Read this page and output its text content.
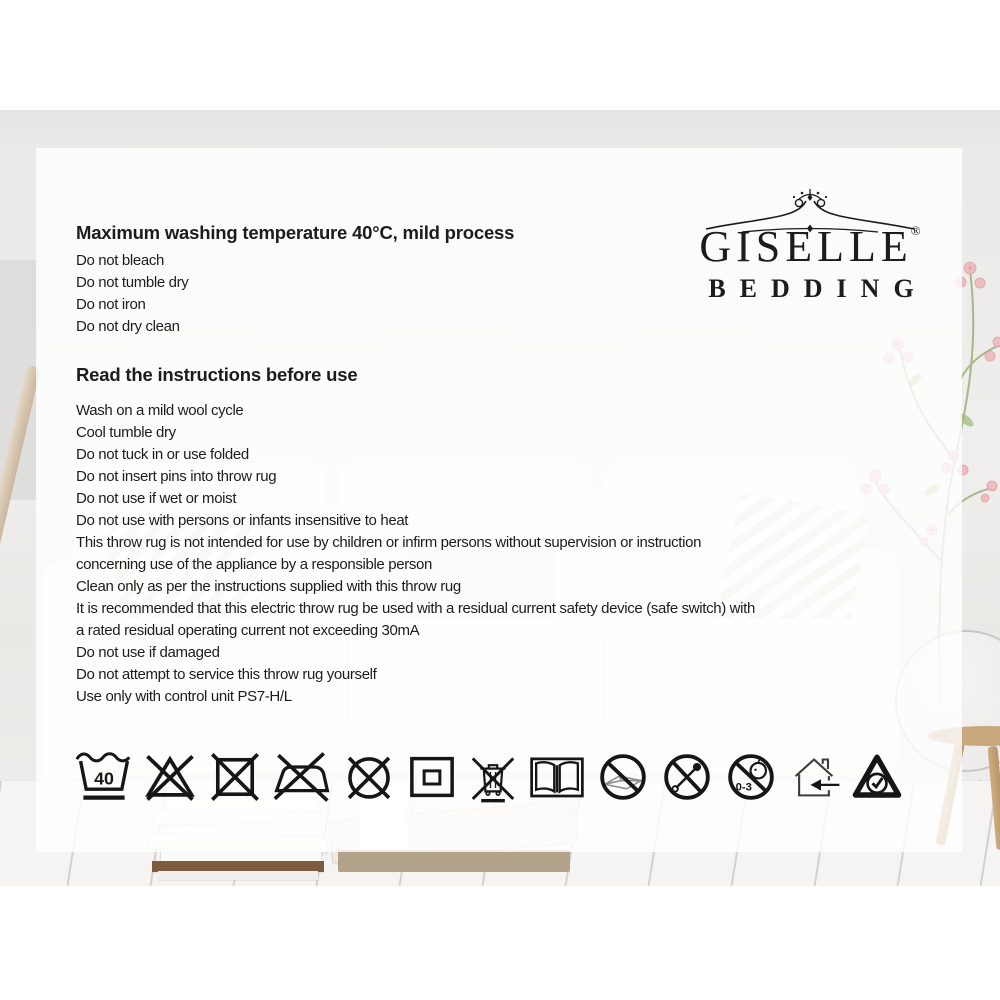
Maximum washing temperature 40°C, mild process
Do not bleach
Do not tumble dry
Do not iron
Do not dry clean
Read the instructions before use
Wash on a mild wool cycle
Cool tumble dry
Do not tuck in or use folded
Do not insert pins into throw rug
Do not use if wet or moist
Do not use with persons or infants insensitive to heat
This throw rug is not intended for use by children or infirm persons without supervision or instruction
concerning use of the appliance by a responsible person
Clean only as per the instructions supplied with this throw rug
It is recommended that this electric throw rug be used with a residual current safety device (safe switch) with
a rated residual operating current not exceeding 30mA
Do not use if damaged
Do not attempt to service this throw rug yourself
Use only with control unit PS7-H/L
GISELLE®
BEDDING
40	0-3
